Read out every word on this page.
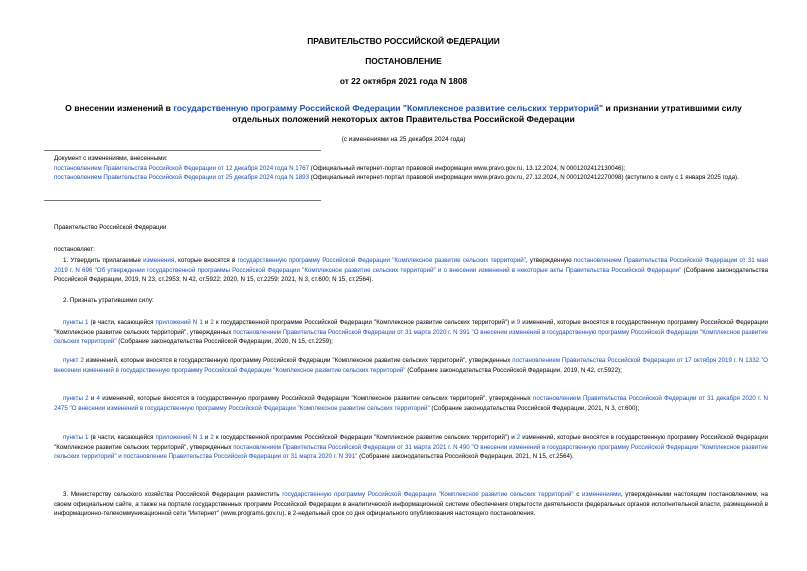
ПРАВИТЕЛЬСТВО РОССИЙСКОЙ ФЕДЕРАЦИИ
ПОСТАНОВЛЕНИЕ
от 22 октября 2021 года N 1808
О внесении изменений в государственную программу Российской Федерации "Комплексное развитие сельских территорий" и признании утратившими силу отдельных положений некоторых актов Правительства Российской Федерации
(с изменениями на 25 декабря 2024 года)
Документ с изменениями, внесенными:
постановлением Правительства Российской Федерации от 12 декабря 2024 года N 1767 (Официальный интернет-портал правовой информации www.pravo.gov.ru, 13.12.2024, N 0001202412130046);
постановлением Правительства Российской Федерации от 25 декабря 2024 года N 1893 (Официальный интернет-портал правовой информации www.pravo.gov.ru, 27.12.2024, N 0001202412270098) (вступило в силу с 1 января 2025 года).
Правительство Российской Федерации
постановляет:
1. Утвердить прилагаемые изменения, которые вносятся в государственную программу Российской Федерации "Комплексное развитие сельских территорий", утвержденную постановлением Правительства Российской Федерации от 31 мая 2019 г. N 696 "Об утверждении государственной программы Российской Федерации "Комплексное развитие сельских территорий" и о внесении изменений в некоторые акты Правительства Российской Федерации" (Собрание законодательства Российской Федерации, 2019, N 23, ст.2953; N 42, ст.5922; 2020, N 15, ст.2259; 2021, N 3, ст.600; N 15, ст.2564).
2. Признать утратившими силу:
пункты 1 (в части, касающейся приложений N 1 и 2 к государственной программе Российской Федерации "Комплексное развитие сельских территорий") и 9 изменений, которые вносятся в государственную программу Российской Федерации "Комплексное развитие сельских территорий", утвержденных постановлением Правительства Российской Федерации от 31 марта 2020 г. N 391 "О внесении изменений в государственную программу Российской Федерации "Комплексное развитие сельских территорий" (Собрание законодательства Российской Федерации, 2020, N 15, ст.2259);
пункт 2 изменений, которые вносятся в государственную программу Российской Федерации "Комплексное развитие сельских территорий", утвержденных постановлением Правительства Российской Федерации от 17 октября 2019 г. N 1332 "О внесении изменений в государственную программу Российской Федерации "Комплексное развитие сельских территорий" (Собрание законодательства Российской Федерации, 2019, N 42, ст.5922);
пункты 2 и 4 изменений, которые вносятся в государственную программу Российской Федерации "Комплексное развитие сельских территорий", утвержденных постановлением Правительства Российской Федерации от 31 декабря 2020 г. N 2475 "О внесении изменений в государственную программу Российской Федерации "Комплексное развитие сельских территорий" (Собрание законодательства Российской Федерации, 2021, N 3, ст.600);
пункты 1 (в части, касающейся приложений N 1 и 2 к государственной программе Российской Федерации "Комплексное развитие сельских территорий") и 2 изменений, которые вносятся в государственную программу Российской Федерации "Комплексное развитие сельских территорий", утвержденных постановлением Правительства Российской Федерации от 31 марта 2021 г. N 490 "О внесении изменений в государственную программу Российской Федерации "Комплексное развитие сельских территорий" и постановление Правительства Российской Федерации от 31 марта 2020 г. N 391" (Собрание законодательства Российской Федерации, 2021, N 15, ст.2564).
3. Министерству сельского хозяйства Российской Федерации разместить государственную программу Российской Федерации "Комплексное развитие сельских территорий" с изменениями, утвержденными настоящим постановлением, на своем официальном сайте, а также на портале государственных программ Российской Федерации в аналитической информационной системе обеспечения открытости деятельности федеральных органов исполнительной власти, размещенной в информационно-телекоммуникационной сети "Интернет" (www.programs.gov.ru), в 2-недельный срок со дня официального опубликования настоящего постановления.
